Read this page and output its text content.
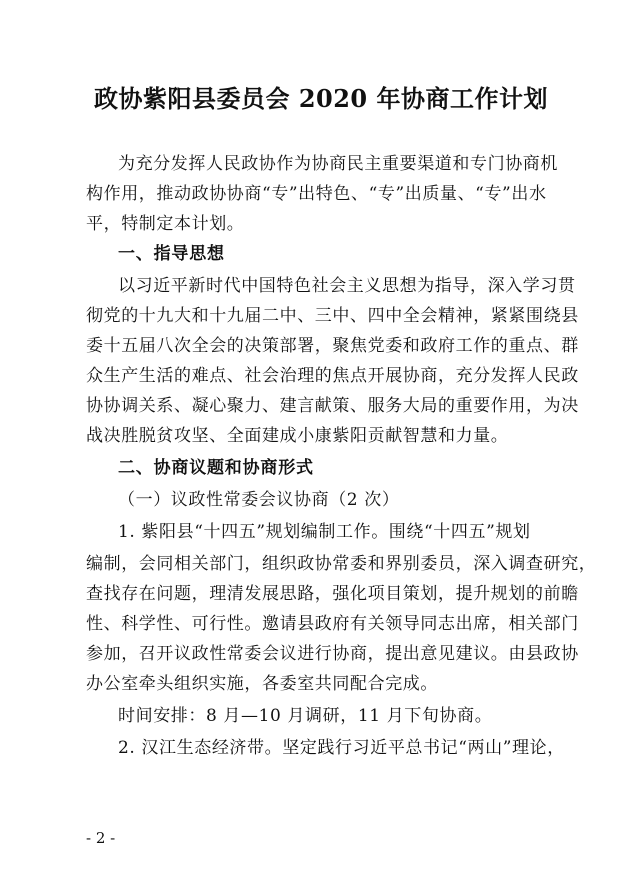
政协紫阳县委员会 2020 年协商工作计划
为充分发挥人民政协作为协商民主重要渠道和专门协商机
构作用，推动政协协商“专”出特色、“专”出质量、“专”出水
平，特制定本计划。
一、指导思想
以习近平新时代中国特色社会主义思想为指导，深入学习贯
彻党的十九大和十九届二中、三中、四中全会精神，紧紧围绕县
委十五届八次全会的决策部署，聚焦党委和政府工作的重点、群
众生产生活的难点、社会治理的焦点开展协商，充分发挥人民政
协协调关系、凝心聚力、建言献策、服务大局的重要作用，为决
战决胜脱贫攻坚、全面建成小康紫阳贡献智慧和力量。
二、协商议题和协商形式
（一）议政性常委会议协商（2 次）
1. 紫阳县“十四五”规划编制工作。围绕“十四五”规划
编制，会同相关部门，组织政协常委和界别委员，深入调查研究，
查找存在问题，理清发展思路，强化项目策划，提升规划的前瞻
性、科学性、可行性。邀请县政府有关领导同志出席，相关部门
参加，召开议政性常委会议进行协商，提出意见建议。由县政协
办公室牵头组织实施，各委室共同配合完成。
时间安排：8 月—10 月调研，11 月下旬协商。
2. 汉江生态经济带。坚定践行习近平总书记“两山”理论，
- 2 -
